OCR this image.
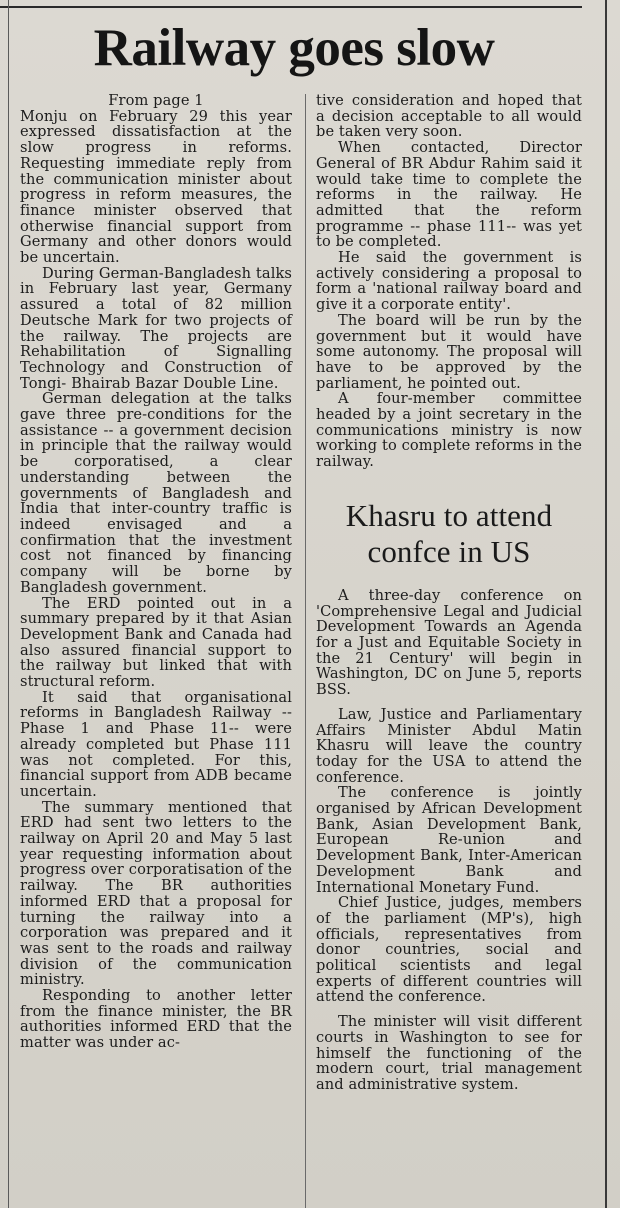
Railway goes slow

From page 1

Monju on February 29 this year expressed dissatisfaction at the slow progress in reforms. Requesting immediate reply from the communication minister about progress in reform measures, the finance minister observed that otherwise financial support from Germany and other donors would be uncertain.

During German-Bangladesh talks in February last year, Germany assured a total of 82 million Deutsche Mark for two projects of the railway. The projects are Rehabilitation of Signalling Technology and Construction of Tongi- Bhairab Bazar Double Line.

German delegation at the talks gave three pre-conditions for the assistance -- a government decision in principle that the railway would be corporatised, a clear understanding between the governments of Bangladesh and India that inter-country traffic is indeed envisaged and a confirmation that the investment cost not financed by financing company will be borne by Bangladesh government.

The ERD pointed out in a summary prepared by it that Asian Development Bank and Canada had also assured financial support to the railway but linked that with structural reform.

It said that organisational reforms in Bangladesh Railway --Phase 1 and Phase 11-- were already completed but Phase 111 was not completed. For this, financial support from ADB became uncertain.

The summary mentioned that ERD had sent two letters to the railway on April 20 and May 5 last year requesting information about progress over corporatisation of the railway. The BR authorities informed ERD that a proposal for turning the railway into a corporation was prepared and it was sent to the roads and railway division of the communication ministry.

Responding to another letter from the finance minister, the BR authorities informed ERD that the matter was under ac-

tive consideration and hoped that a decision acceptable to all would be taken very soon.

When contacted, Director General of BR Abdur Rahim said it would take time to complete the reforms in the railway. He admitted that the reform programme -- phase 111-- was yet to be completed.

He said the government is actively considering a proposal to form a 'national railway board and give it a corporate entity'.

The board will be run by the government but it would have some autonomy. The proposal will have to be approved by the parliament, he pointed out.

A four-member committee headed by a joint secretary in the communications ministry is now working to complete reforms in the railway.

Khasru to attend
confce in US

A three-day conference on 'Comprehensive Legal and Judicial Development Towards an Agenda for a Just and Equitable Society in the 21 Century' will begin in Washington, DC on June 5, reports BSS.

Law, Justice and Parliamentary Affairs Minister Abdul Matin Khasru will leave the country today for the USA to attend the conference.

The conference is jointly organised by African Development Bank, Asian Development Bank, European Re-union and Development Bank, Inter-American Development Bank and International Monetary Fund.

Chief Justice, judges, members of the parliament (MP's), high officials, representatives from donor countries, social and political scientists and legal experts of different countries will attend the conference.

The minister will visit different courts in Washington to see for himself the functioning of the modern court, trial management and administrative system.
